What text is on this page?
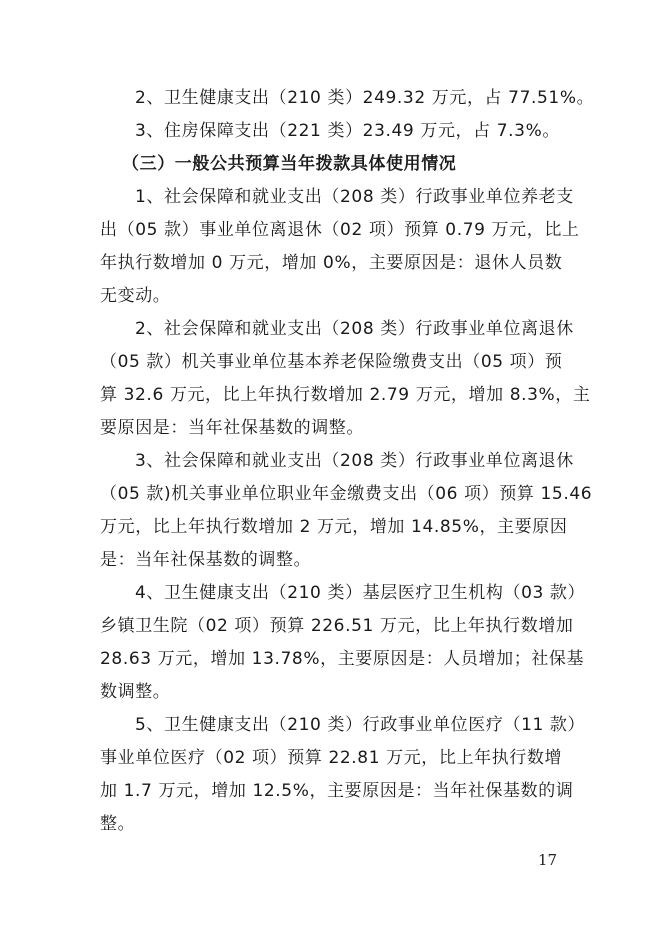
2、卫生健康支出（210 类）249.32 万元，占 77.51%。
3、住房保障支出（221 类）23.49 万元，占 7.3%。
（三）一般公共预算当年拨款具体使用情况
1、社会保障和就业支出（208 类）行政事业单位养老支
出（05 款）事业单位离退休（02 项）预算 0.79 万元，比上
年执行数增加 0 万元，增加 0%，主要原因是：退休人员数
无变动。
2、社会保障和就业支出（208 类）行政事业单位离退休
（05 款）机关事业单位基本养老保险缴费支出（05 项）预
算 32.6 万元，比上年执行数增加 2.79 万元，增加 8.3%，主
要原因是：当年社保基数的调整。
3、社会保障和就业支出（208 类）行政事业单位离退休
（05 款)机关事业单位职业年金缴费支出（06 项）预算 15.46
万元，比上年执行数增加 2 万元，增加 14.85%，主要原因
是：当年社保基数的调整。
4、卫生健康支出（210 类）基层医疗卫生机构（03 款）
乡镇卫生院（02 项）预算 226.51 万元，比上年执行数增加
28.63 万元，增加 13.78%，主要原因是：人员增加；社保基
数调整。
5、卫生健康支出（210 类）行政事业单位医疗（11 款）
事业单位医疗（02 项）预算 22.81 万元，比上年执行数增
加 1.7 万元，增加 12.5%，主要原因是：当年社保基数的调
整。
17
